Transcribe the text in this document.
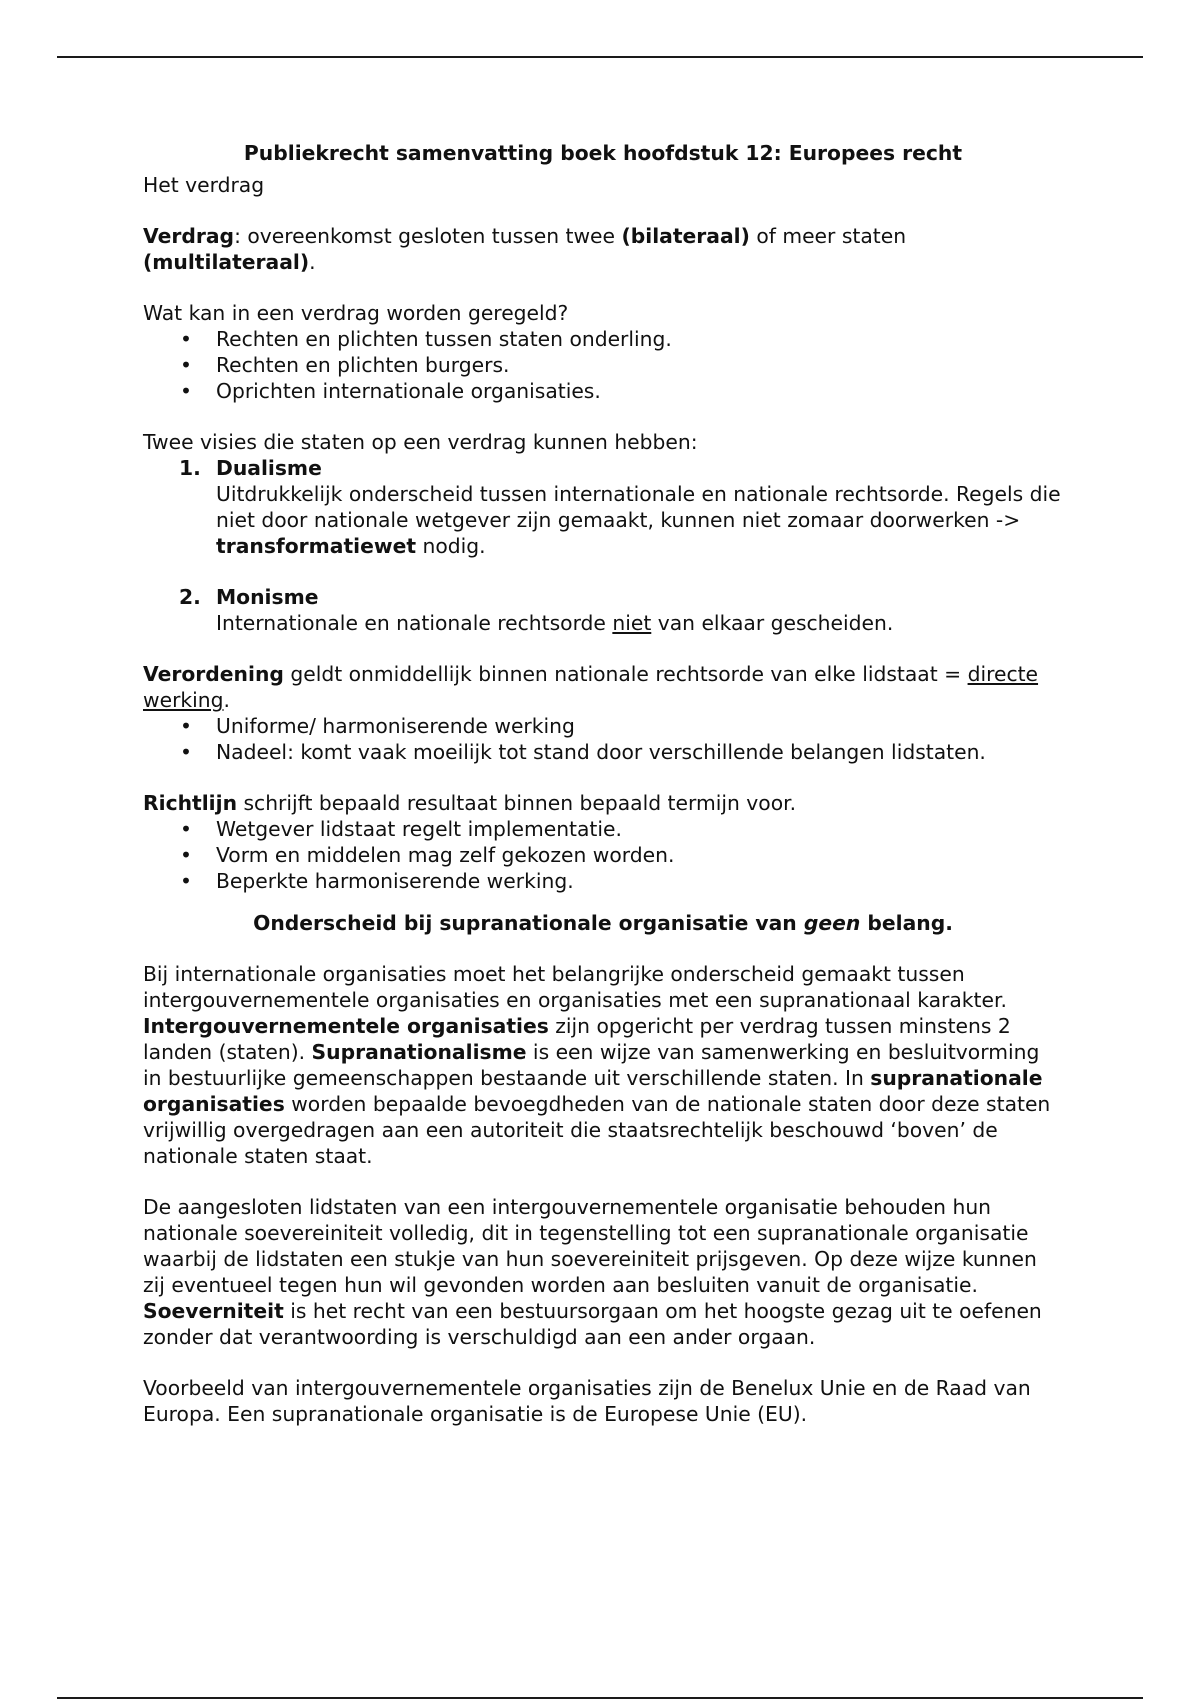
Publiekrecht samenvatting boek hoofdstuk 12: Europees recht

Het verdrag

Verdrag: overeenkomst gesloten tussen twee (bilateraal) of meer staten (multilateraal).

Wat kan in een verdrag worden geregeld?

• Rechten en plichten tussen staten onderling.
• Rechten en plichten burgers.
• Oprichten internationale organisaties.

Twee visies die staten op een verdrag kunnen hebben:

1. Dualisme
Uitdrukkelijk onderscheid tussen internationale en nationale rechtsorde. Regels die niet door nationale wetgever zijn gemaakt, kunnen niet zomaar doorwerken -> transformatiewet nodig.
2. Monisme
Internationale en nationale rechtsorde niet van elkaar gescheiden.

Verordening geldt onmiddellijk binnen nationale rechtsorde van elke lidstaat = directe werking.

• Uniforme/ harmoniserende werking
• Nadeel: komt vaak moeilijk tot stand door verschillende belangen lidstaten.

Richtlijn schrijft bepaald resultaat binnen bepaald termijn voor.

• Wetgever lidstaat regelt implementatie.
• Vorm en middelen mag zelf gekozen worden.
• Beperkte harmoniserende werking.

Onderscheid bij supranationale organisatie van geen belang.

Bij internationale organisaties moet het belangrijke onderscheid gemaakt tussen intergouvernementele organisaties en organisaties met een supranationaal karakter. Intergouvernementele organisaties zijn opgericht per verdrag tussen minstens 2 landen (staten). Supranationalisme is een wijze van samenwerking en besluitvorming in bestuurlijke gemeenschappen bestaande uit verschillende staten. In supranationale organisaties worden bepaalde bevoegdheden van de nationale staten door deze staten vrijwillig overgedragen aan een autoriteit die staatsrechtelijk beschouwd ‘boven’ de nationale staten staat.

De aangesloten lidstaten van een intergouvernementele organisatie behouden hun nationale soevereiniteit volledig, dit in tegenstelling tot een supranationale organisatie waarbij de lidstaten een stukje van hun soevereiniteit prijsgeven. Op deze wijze kunnen zij eventueel tegen hun wil gevonden worden aan besluiten vanuit de organisatie. Soeverniteit is het recht van een bestuursorgaan om het hoogste gezag uit te oefenen zonder dat verantwoording is verschuldigd aan een ander orgaan.

Voorbeeld van intergouvernementele organisaties zijn de Benelux Unie en de Raad van Europa. Een supranationale organisatie is de Europese Unie (EU).
